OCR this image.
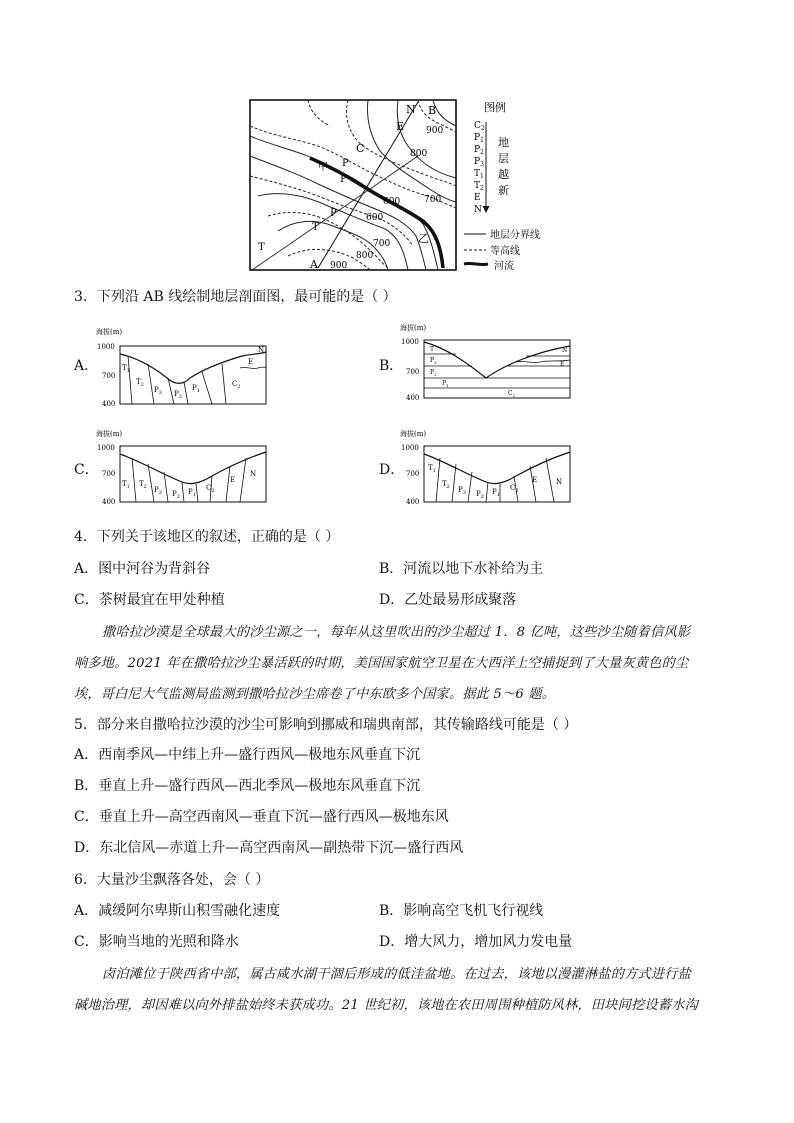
N B
E 900
C	800
甲 P
P
700
600
600
P
T
T	700
800
乙
A 900
图例
$C_2$
$P_1$
$P_2$
$P_3$
$T_1$
$T_2$
E
N
地
层
越
新
地层分界线
等高线
河流
3．下列沿 AB 线绘制地层剖面图，最可能的是（ ）
A．
海拔(m)
1000
700
400
$T_1$
$T_2$
$P_3$ $P_2$
$P_1$
$C_2$
E
N
B．
海拔(m)
1000
700
400
T
$P_3$
$P_2$
$P_1$
$C_2$
E
N
C．
海拔(m)
1000
700
400
$T_1$ $T_2$ $P_3$ $P_2$
$P_1$
$C_2$
E
N	D．
海拔(m)
1000
700
400
$T_1$
$T_2$ $P_3$ $P_2$
$P_1$
$C_2$
E	N
4．下列关于该地区的叙述，正确的是（ ）
A．图中河谷为背斜谷	B．河流以地下水补给为主
C．茶树最宜在甲处种植	D．乙处最易形成聚落
撒哈拉沙漠是全球最大的沙尘源之一，每年从这里吹出的沙尘超过 1．8 亿吨，这些沙尘随着信风影
响多地。2021 年在撒哈拉沙尘暴活跃的时期，美国国家航空卫星在大西洋上空捕捉到了大量灰黄色的尘
埃，哥白尼大气监测局监测到撒哈拉沙尘席卷了中东欧多个国家。据此 5～6 题。
5．部分来自撒哈拉沙漠的沙尘可影响到挪威和瑞典南部，其传输路线可能是（ ）
A．西南季风—中纬上升—盛行西风—极地东风垂直下沉
B．垂直上升—盛行西风—西北季风—极地东风垂直下沉
C．垂直上升—高空西南风—垂直下沉—盛行西风—极地东风
D．东北信风—赤道上升—高空西南风—副热带下沉—盛行西风
6．大量沙尘飘落各处，会（ ）
A．减缓阿尔卑斯山积雪融化速度	B．影响高空飞机飞行视线
C．影响当地的光照和降水	D．增大风力，增加风力发电量
卤泊滩位于陕西省中部，属古咸水湖干涸后形成的低洼盆地。在过去，该地以漫灌淋盐的方式进行盐
碱地治理，却因难以向外排盐始终未获成功。21 世纪初，该地在农田周围种植防风林，田块间挖设蓄水沟
